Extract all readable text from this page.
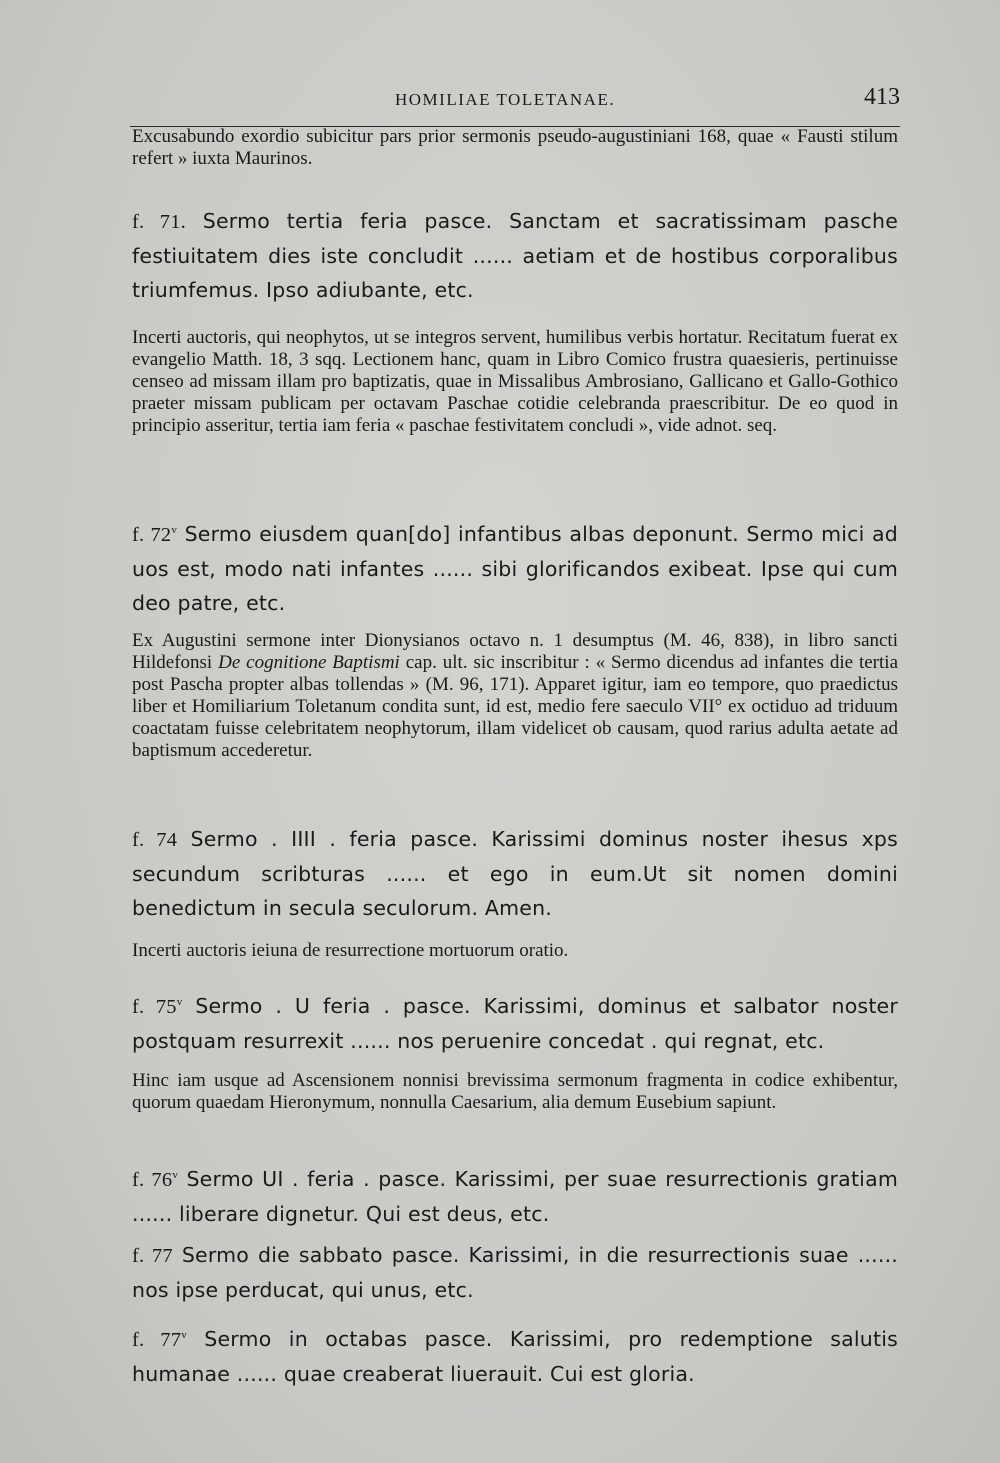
HOMILIAE TOLETANAE.	413

Excusabundo exordio subicitur pars prior sermonis pseudo-augustiniani 168, quae « Fausti stilum refert » iuxta Maurinos.

f. 71. Sermo tertia feria pasce. Sanctam et sacratissimam pasche festiuitatem dies iste concludit ...... aetiam et de hostibus corporalibus triumfemus. Ipso adiubante, etc.

Incerti auctoris, qui neophytos, ut se integros servent, humilibus verbis hortatur. Recitatum fuerat ex evangelio Matth. 18, 3 sqq. Lectionem hanc, quam in Libro Comico frustra quaesieris, pertinuisse censeo ad missam illam pro baptizatis, quae in Missalibus Ambrosiano, Gallicano et Gallo-Gothico praeter missam publicam per octavam Paschae cotidie celebranda praescribitur. De eo quod in principio asseritur, tertia iam feria « paschae festivitatem concludi », vide adnot. seq.

f. 72$^v$ Sermo eiusdem quan[do] infantibus albas deponunt. Sermo mici ad uos est, modo nati infantes ...... sibi glorificandos exibeat. Ipse qui cum deo patre, etc.

Ex Augustini sermone inter Dionysianos octavo n. 1 desumptus (M. 46, 838), in libro sancti Hildefonsi De cognitione Baptismi cap. ult. sic inscribitur : « Sermo dicendus ad infantes die tertia post Pascha propter albas tollendas » (M. 96, 171). Apparet igitur, iam eo tempore, quo praedictus liber et Homiliarium Toletanum condita sunt, id est, medio fere saeculo VII° ex octiduo ad triduum coactatam fuisse celebritatem neophytorum, illam videlicet ob causam, quod rarius adulta aetate ad baptismum accederetur.

f. 74 Sermo . IIII . feria pasce. Karissimi dominus noster ihesus xps secundum scribturas ...... et ego in eum.Ut sit nomen domini benedictum in secula seculorum. Amen.

Incerti auctoris ieiuna de resurrectione mortuorum oratio.

f. 75$^v$ Sermo . U feria . pasce. Karissimi, dominus et salbator noster postquam resurrexit ...... nos peruenire concedat . qui regnat, etc.

Hinc iam usque ad Ascensionem nonnisi brevissima sermonum fragmenta in codice exhibentur, quorum quaedam Hieronymum, nonnulla Caesarium, alia demum Eusebium sapiunt.

f. 76$^v$ Sermo UI . feria . pasce. Karissimi, per suae resurrectionis gratiam ...... liberare dignetur. Qui est deus, etc.

f. 77 Sermo die sabbato pasce. Karissimi, in die resurrectionis suae ...... nos ipse perducat, qui unus, etc.

f. 77$^v$ Sermo in octabas pasce. Karissimi, pro redemptione salutis humanae ...... quae creaberat liuerauit. Cui est gloria.
